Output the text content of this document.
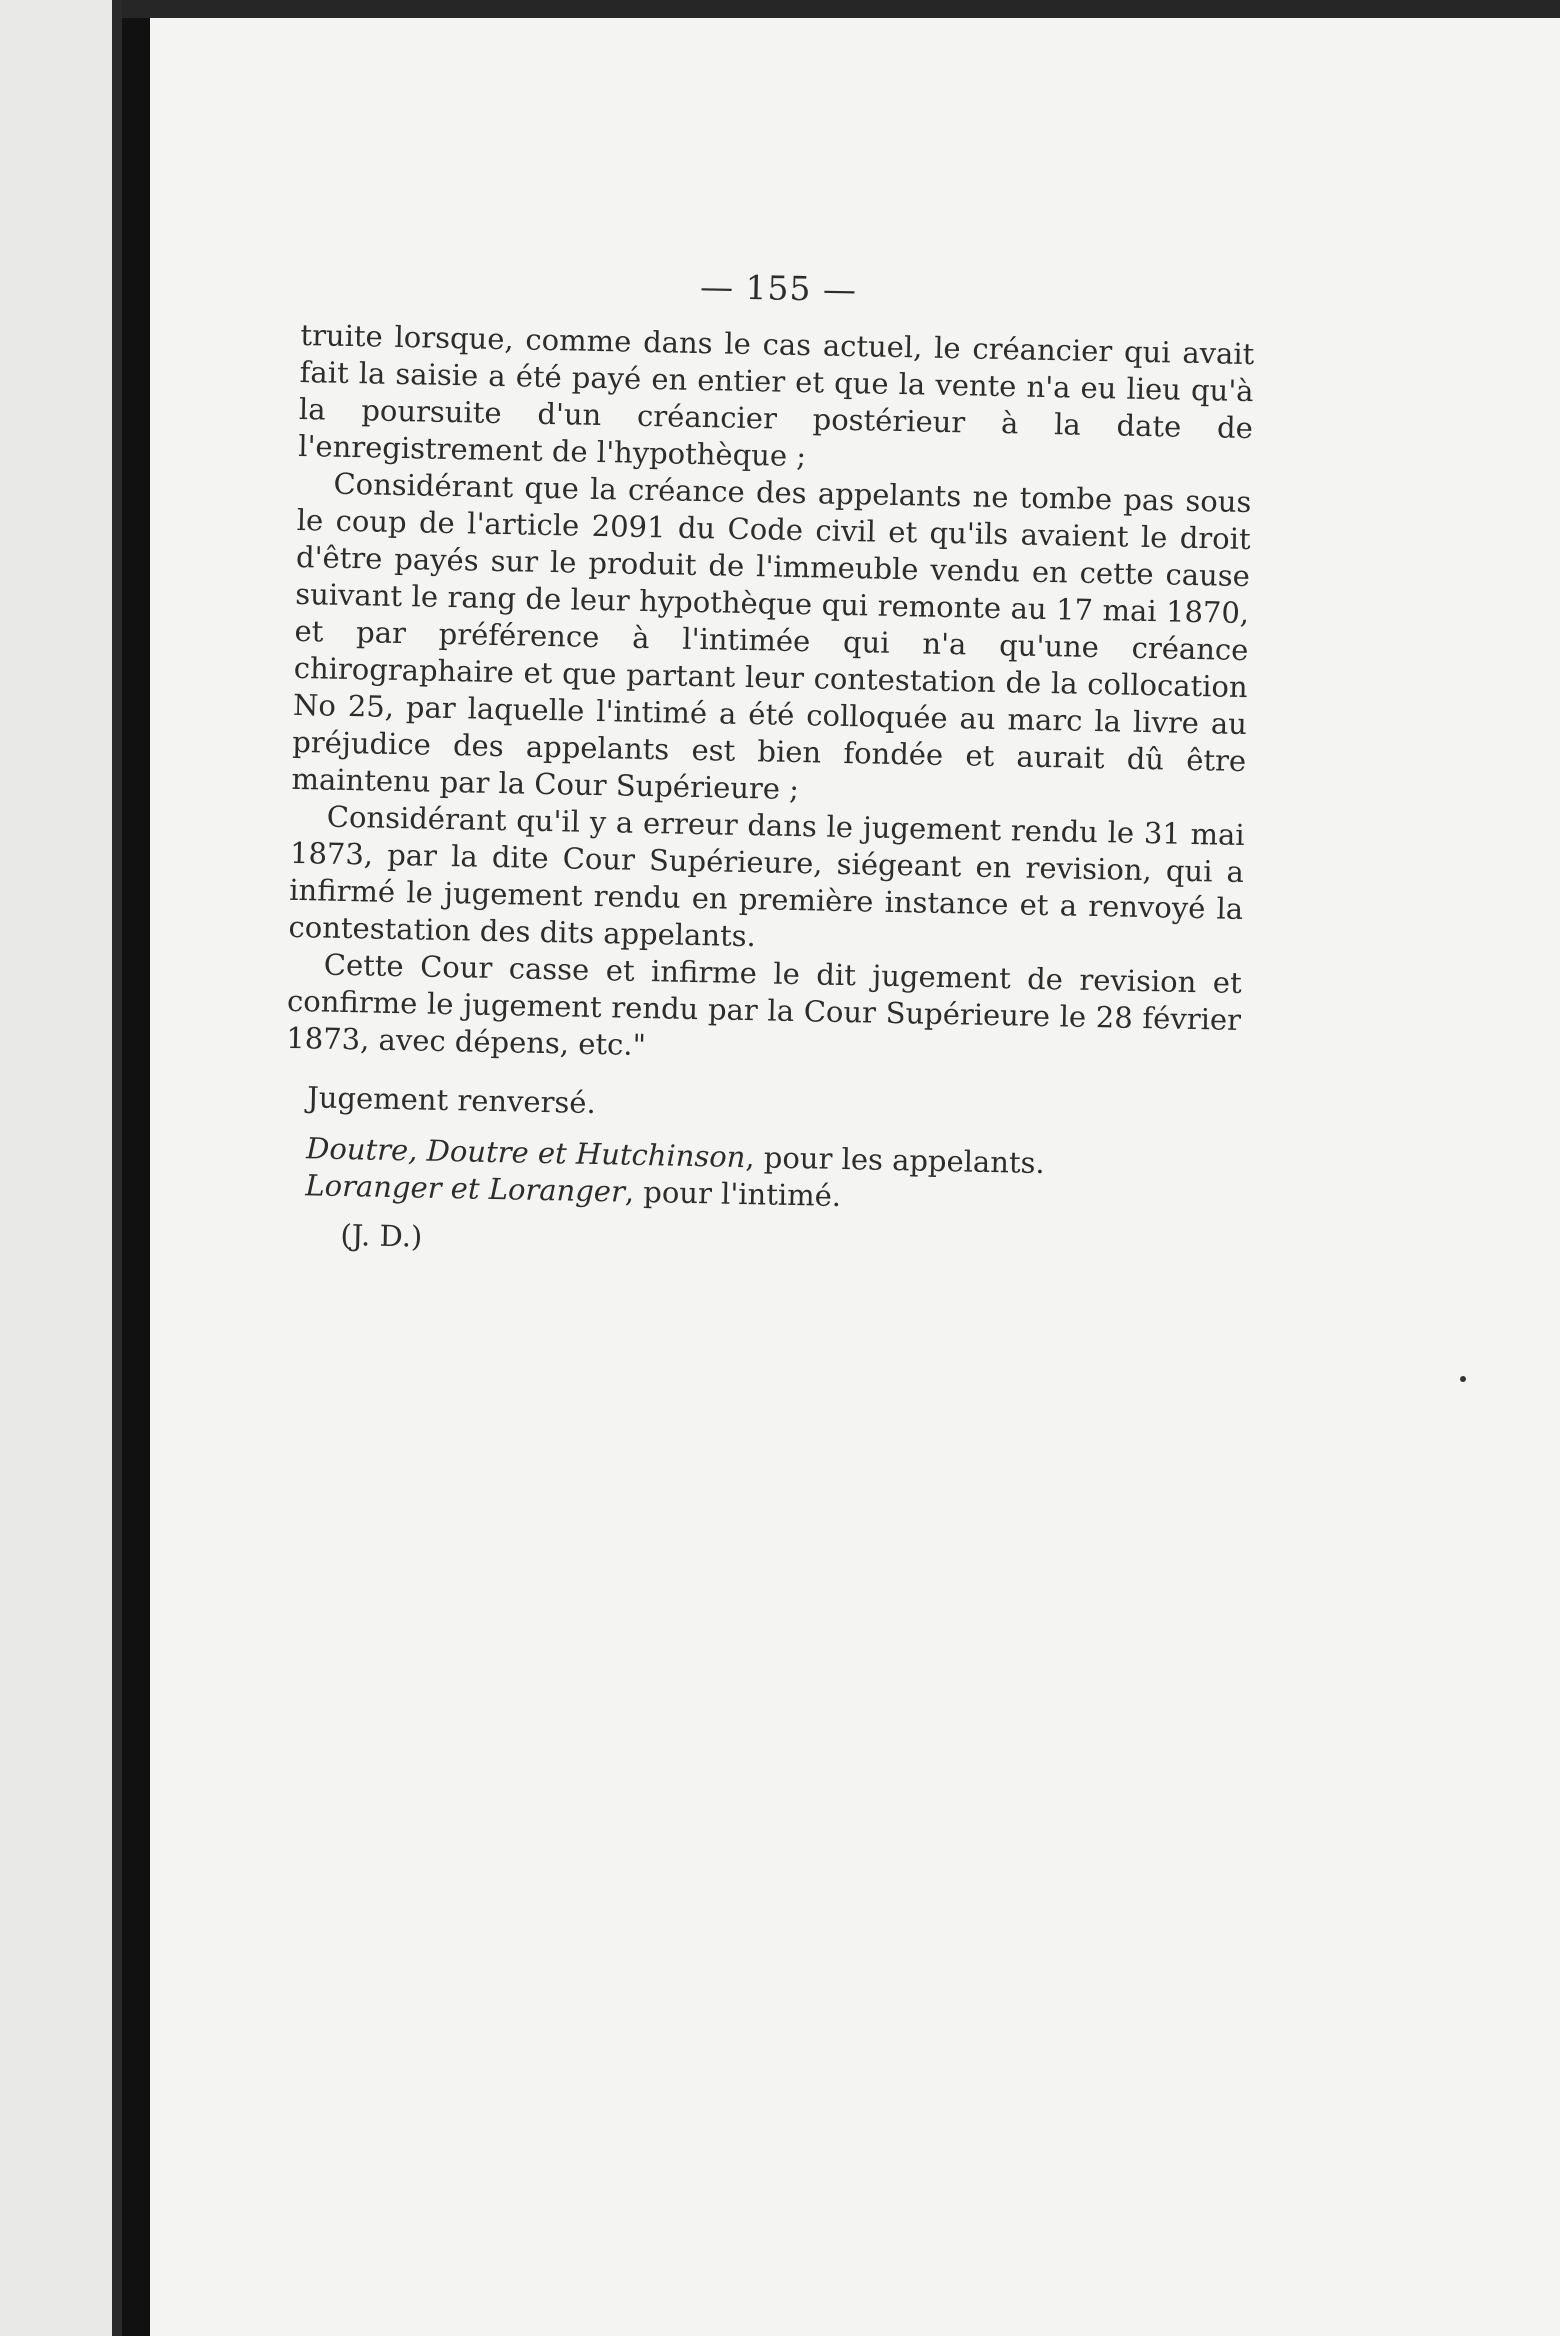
— 155 —

truite lorsque, comme dans le cas actuel, le créancier qui avait fait la saisie a été payé en entier et que la vente n'a eu lieu qu'à la poursuite d'un créancier postérieur à la date de l'enregistrement de l'hypothèque ;

Considérant que la créance des appelants ne tombe pas sous le coup de l'article 2091 du Code civil et qu'ils avaient le droit d'être payés sur le produit de l'immeuble vendu en cette cause suivant le rang de leur hypothèque qui remonte au 17 mai 1870, et par préférence à l'intimée qui n'a qu'une créance chirographaire et que partant leur contestation de la collocation No 25, par laquelle l'intimé a été colloquée au marc la livre au préjudice des appelants est bien fondée et aurait dû être maintenu par la Cour Supérieure ;

Considérant qu'il y a erreur dans le jugement rendu le 31 mai 1873, par la dite Cour Supérieure, siégeant en revision, qui a infirmé le jugement rendu en première instance et a renvoyé la contestation des dits appelants.

Cette Cour casse et infirme le dit jugement de revision et confirme le jugement rendu par la Cour Supérieure le 28 février 1873, avec dépens, etc."

Jugement renversé.

Doutre, Doutre et Hutchinson, pour les appelants.

Loranger et Loranger, pour l'intimé.

(J. D.)
